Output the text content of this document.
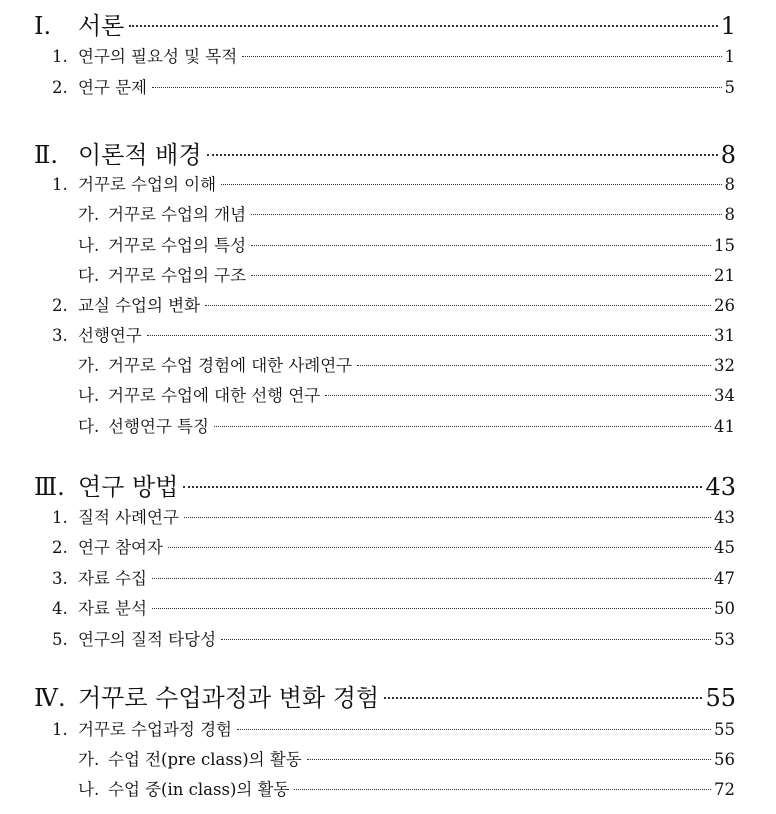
Ⅰ.	서론	1
1. 연구의 필요성 및 목적	1
2. 연구 문제	5
Ⅱ. 이론적 배경	8
1. 거꾸로 수업의 이해	8
가. 거꾸로 수업의 개념	8
나. 거꾸로 수업의 특성	15
다. 거꾸로 수업의 구조	21
2. 교실 수업의 변화	26
3. 선행연구	31
가. 거꾸로 수업 경험에 대한 사례연구	32
나. 거꾸로 수업에 대한 선행 연구	34
다. 선행연구 특징	41
Ⅲ. 연구 방법	43
1. 질적 사례연구	43
2. 연구 참여자	45
3. 자료 수집	47
4. 자료 분석	50
5. 연구의 질적 타당성	53
Ⅳ. 거꾸로 수업과정과 변화 경험	55
1. 거꾸로 수업과정 경험	55
가. 수업 전(pre class)의 활동	56
나. 수업 중(in class)의 활동	72
